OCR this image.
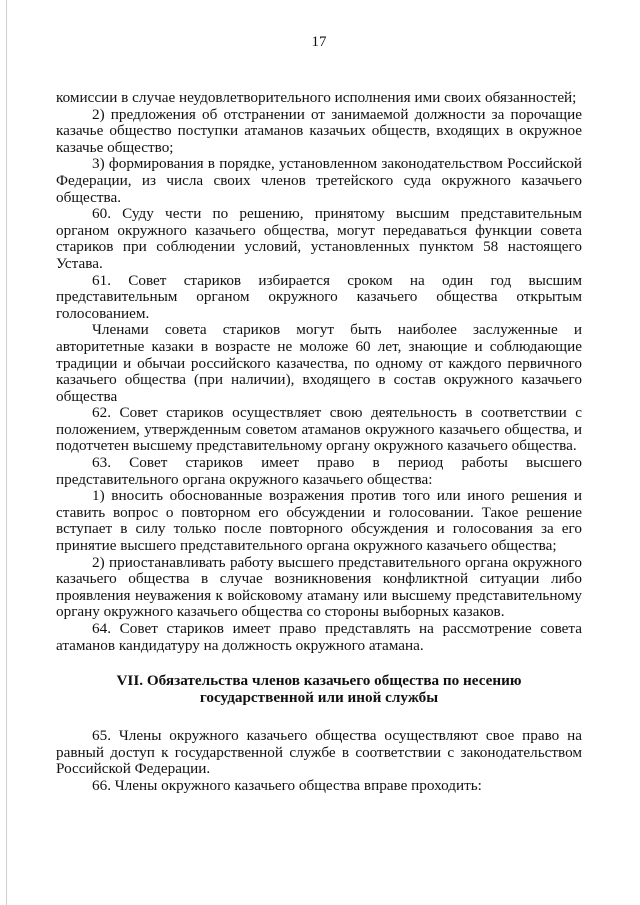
17

комиссии в случае неудовлетворительного исполнения ими своих обязанностей;

2) предложения об отстранении от занимаемой должности за порочащие казачье общество поступки атаманов казачьих обществ, входящих в окружное казачье общество;

3) формирования в порядке, установленном законодательством Российской Федерации, из числа своих членов третейского суда окружного казачьего общества.

60. Суду чести по решению, принятому высшим представительным органом окружного казачьего общества, могут передаваться функции совета стариков при соблюдении условий, установленных пунктом 58 настоящего Устава.

61. Совет стариков избирается сроком на один год высшим представительным органом окружного казачьего общества открытым голосованием.

Членами совета стариков могут быть наиболее заслуженные и авторитетные казаки в возрасте не моложе 60 лет, знающие и соблюдающие традиции и обычаи российского казачества, по одному от каждого первичного казачьего общества (при наличии), входящего в состав окружного казачьего общества

62. Совет стариков осуществляет свою деятельность в соответствии с положением, утвержденным советом атаманов окружного казачьего общества, и подотчетен высшему представительному органу окружного казачьего общества.

63. Совет стариков имеет право в период работы высшего представительного органа окружного казачьего общества:

1) вносить обоснованные возражения против того или иного решения и ставить вопрос о повторном его обсуждении и голосовании. Такое решение вступает в силу только после повторного обсуждения и голосования за его принятие высшего представительного органа окружного казачьего общества;

2) приостанавливать работу высшего представительного органа окружного казачьего общества в случае возникновения конфликтной ситуации либо проявления неуважения к войсковому атаману или высшему представительному органу окружного казачьего общества со стороны выборных казаков.

64. Совет стариков имеет право представлять на рассмотрение совета атаманов кандидатуру на должность окружного атамана.

VII. Обязательства членов казачьего общества по несению
государственной или иной службы

65. Члены окружного казачьего общества осуществляют свое право на равный доступ к государственной службе в соответствии с законодательством Российской Федерации.

66. Члены окружного казачьего общества вправе проходить:
